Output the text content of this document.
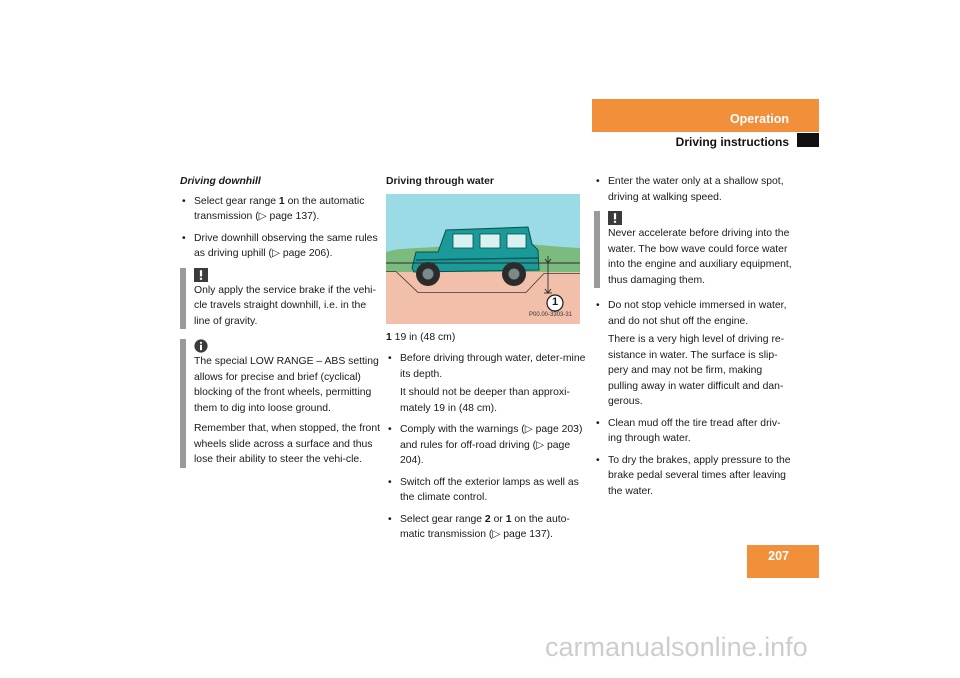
Operation
Driving instructions
Driving downhill

• Select gear range 1 on the automatic transmission (▷ page 137).

• Drive downhill observing the same rules as driving uphill (▷ page 206).

Only apply the service brake if the vehi-cle travels straight downhill, i.e. in the line of gravity.

The special LOW RANGE – ABS setting allows for precise and brief (cyclical) blocking of the front wheels, permitting them to dig into loose ground.

Remember that, when stopped, the front wheels slide across a surface and thus lose their ability to steer the vehi-cle.

Driving through water
1
P00.00-3303-31
1 19 in (48 cm)

• Before driving through water, deter-mine its depth.

It should not be deeper than approxi-mately 19 in (48 cm).

• Comply with the warnings (▷ page 203) and rules for off-road driving (▷ page 204).

• Switch off the exterior lamps as well as the climate control.

• Select gear range 2 or 1 on the auto-matic transmission (▷ page 137).

• Enter the water only at a shallow spot, driving at walking speed.

Never accelerate before driving into the water. The bow wave could force water into the engine and auxiliary equipment, thus damaging them.

• Do not stop vehicle immersed in water, and do not shut off the engine.

There is a very high level of driving re-sistance in water. The surface is slip-pery and may not be firm, making pulling away in water difficult and dan-gerous.

• Clean mud off the tire tread after driv-ing through water.

• To dry the brakes, apply pressure to the brake pedal several times after leaving the water.

207
carmanualsonline.info
